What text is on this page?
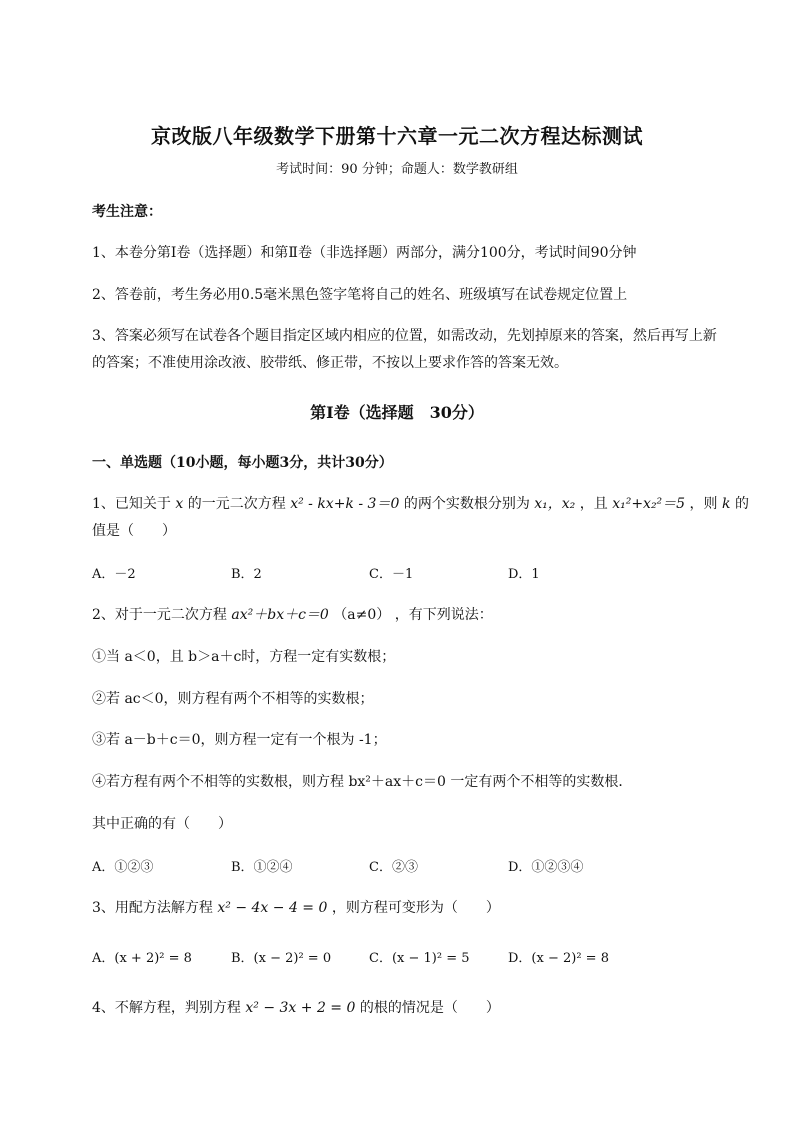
京改版八年级数学下册第十六章一元二次方程达标测试
考试时间：90 分钟；命题人：数学教研组
考生注意：
1、本卷分第Ⅰ卷（选择题）和第Ⅱ卷（非选择题）两部分，满分100分，考试时间90分钟
2、答卷前，考生务必用0.5毫米黑色签字笔将自己的姓名、班级填写在试卷规定位置上
3、答案必须写在试卷各个题目指定区域内相应的位置，如需改动，先划掉原来的答案，然后再写上新
的答案；不准使用涂改液、胶带纸、修正带，不按以上要求作答的答案无效。
第Ⅰ卷（选择题　30分）
一、单选题（10小题，每小题3分，共计30分）
1、已知关于 x 的一元二次方程 x² - kx+k - 3＝0 的两个实数根分别为 x₁，x₂ ，且 x₁²+x₂²＝5 ，则 k 的
值是（　　）
A．－2	B．2	C．－1	D．1
2、对于一元二次方程 ax²＋bx＋c＝0 （a≠0） ，有下列说法：
①当 a＜0，且 b＞a＋c时，方程一定有实数根；
②若 ac＜0，则方程有两个不相等的实数根；
③若 a－b＋c＝0，则方程一定有一个根为 -1；
④若方程有两个不相等的实数根，则方程 bx²＋ax＋c＝0 一定有两个不相等的实数根．
其中正确的有（　　）
A．①②③	B．①②④	C．②③	D．①②③④
3、用配方法解方程 x² − 4x − 4 = 0 ，则方程可变形为（　　）
A．(x + 2)² = 8	B．(x − 2)² = 0	C．(x − 1)² = 5	D．(x − 2)² = 8
4、不解方程，判别方程 x² − 3x + 2 = 0 的根的情况是（　　）
